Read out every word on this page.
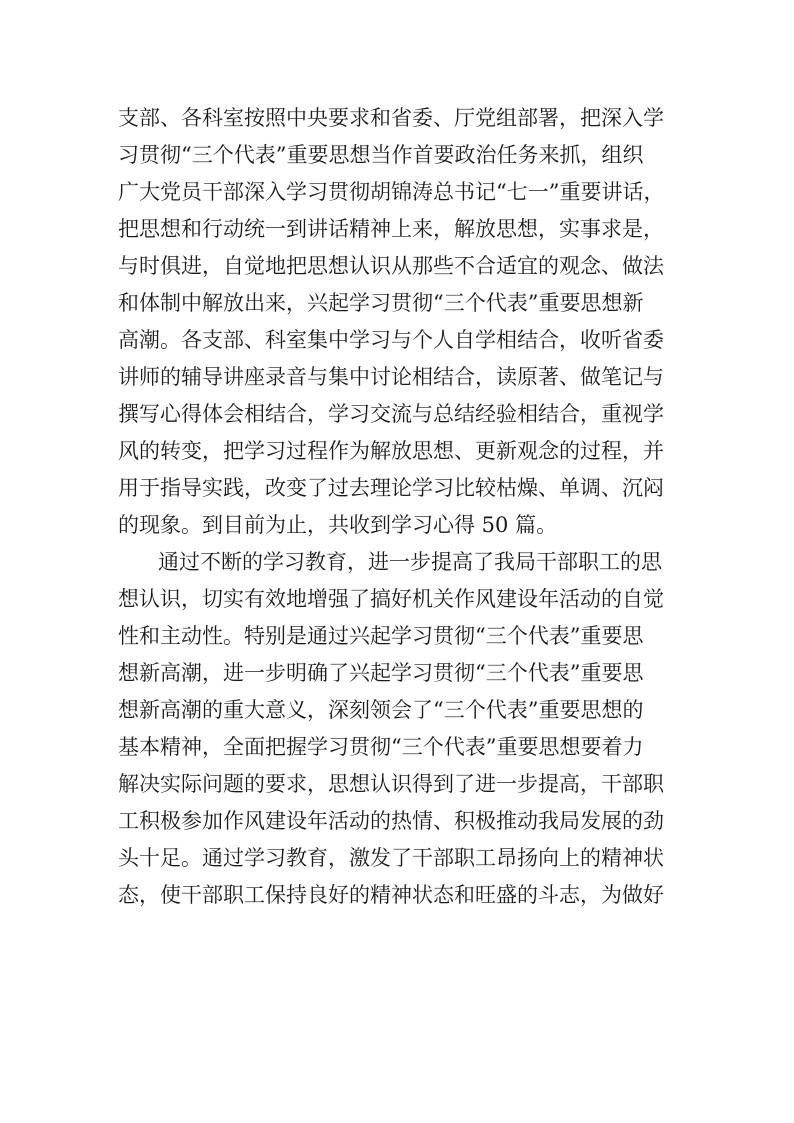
支部、各科室按照中央要求和省委、厅党组部署，把深入学
习贯彻“三个代表”重要思想当作首要政治任务来抓，组织
广大党员干部深入学习贯彻胡锦涛总书记“七一”重要讲话，
把思想和行动统一到讲话精神上来，解放思想，实事求是，
与时俱进，自觉地把思想认识从那些不合适宜的观念、做法
和体制中解放出来，兴起学习贯彻“三个代表”重要思想新
高潮。各支部、科室集中学习与个人自学相结合，收听省委
讲师的辅导讲座录音与集中讨论相结合，读原著、做笔记与
撰写心得体会相结合，学习交流与总结经验相结合，重视学
风的转变，把学习过程作为解放思想、更新观念的过程，并
用于指导实践，改变了过去理论学习比较枯燥、单调、沉闷
的现象。到目前为止，共收到学习心得 50 篇。
通过不断的学习教育，进一步提高了我局干部职工的思
想认识，切实有效地增强了搞好机关作风建设年活动的自觉
性和主动性。特别是通过兴起学习贯彻“三个代表”重要思
想新高潮，进一步明确了兴起学习贯彻“三个代表”重要思
想新高潮的重大意义，深刻领会了“三个代表”重要思想的
基本精神，全面把握学习贯彻“三个代表”重要思想要着力
解决实际问题的要求，思想认识得到了进一步提高，干部职
工积极参加作风建设年活动的热情、积极推动我局发展的劲
头十足。通过学习教育，激发了干部职工昂扬向上的精神状
态，使干部职工保持良好的精神状态和旺盛的斗志，为做好
